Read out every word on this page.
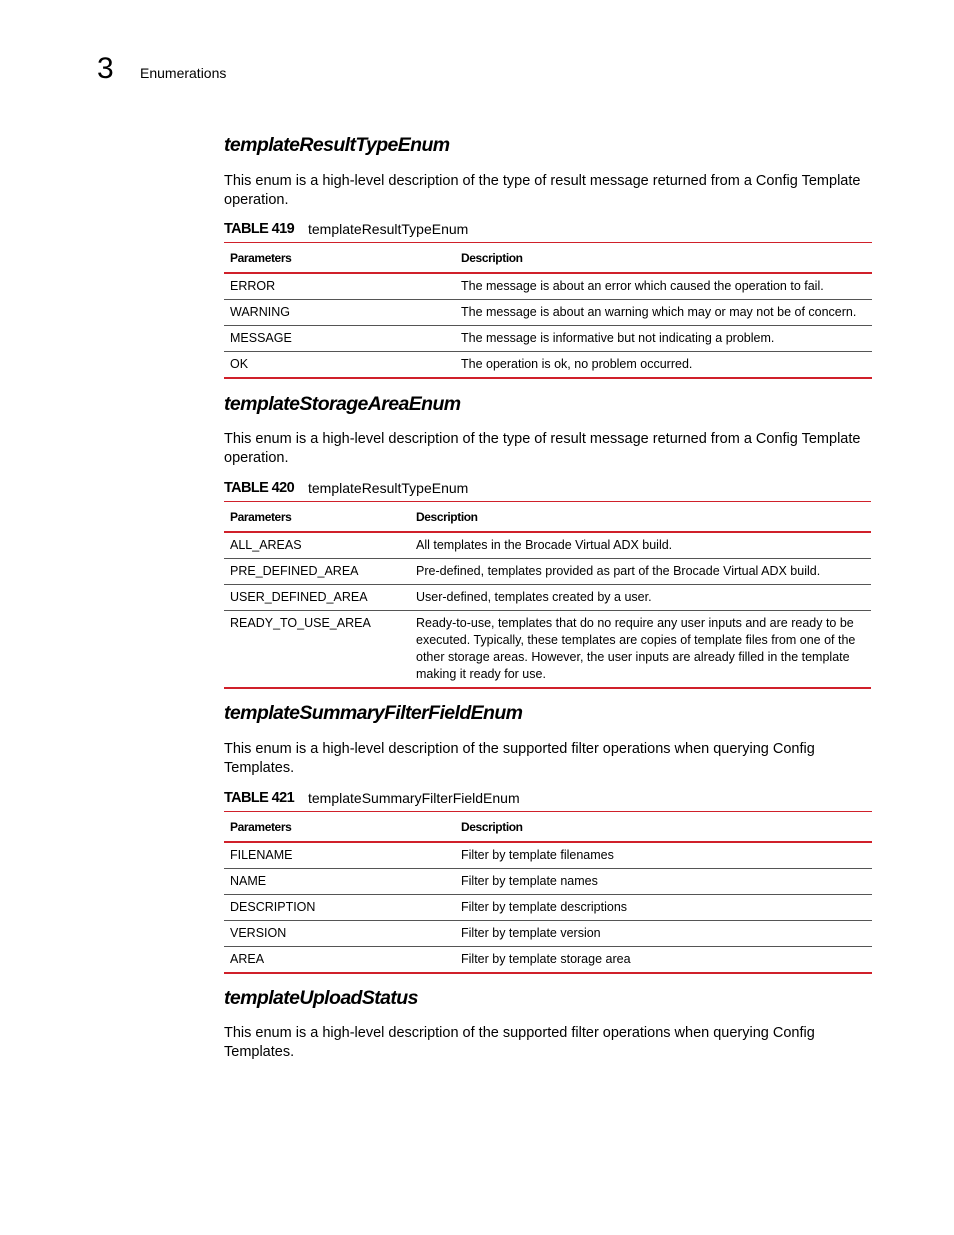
3 Enumerations
templateResultTypeEnum

This enum is a high-level description of the type of result message returned from a Config Template operation.

TABLE 419 templateResultTypeEnum
Parameters	Description
ERROR	The message is about an error which caused the operation to fail.
WARNING	The message is about an warning which may or may not be of concern.
MESSAGE	The message is informative but not indicating a problem.
OK	The operation is ok, no problem occurred.
templateStorageAreaEnum

This enum is a high-level description of the type of result message returned from a Config Template operation.

TABLE 420 templateResultTypeEnum
Parameters	Description
ALL_AREAS	All templates in the Brocade Virtual ADX build.
PRE_DEFINED_AREA	Pre-defined, templates provided as part of the Brocade Virtual ADX build.
USER_DEFINED_AREA	User-defined, templates created by a user.
READY_TO_USE_AREA	Ready-to-use, templates that do no require any user inputs and are ready to be executed. Typically, these templates are copies of template files from one of the other storage areas. However, the user inputs are already filled in the template making it ready for use.
templateSummaryFilterFieldEnum

This enum is a high-level description of the supported filter operations when querying Config Templates.

TABLE 421 templateSummaryFilterFieldEnum
Parameters	Description
FILENAME	Filter by template filenames
NAME	Filter by template names
DESCRIPTION	Filter by template descriptions
VERSION	Filter by template version
AREA	Filter by template storage area
templateUploadStatus

This enum is a high-level description of the supported filter operations when querying Config Templates.
